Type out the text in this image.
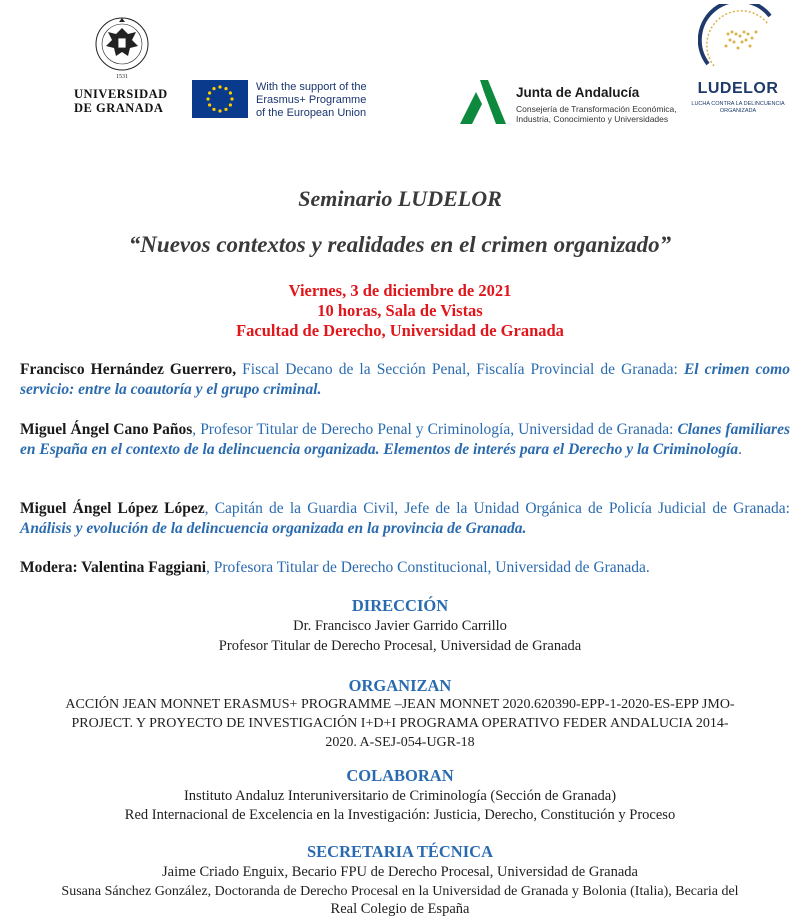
1531
UNIVERSIDAD
DE GRANADA
With the support of the
Erasmus+ Programme
of the European Union
Junta de Andalucía
Consejería de Transformación Económica,
Industria, Conocimiento y Universidades
LUDELOR
LUCHA CONTRA LA DELINCUENCIA
ORGANIZADA
Seminario LUDELOR
“Nuevos contextos y realidades en el crimen organizado”
Viernes, 3 de diciembre de 2021
10 horas, Sala de Vistas
Facultad de Derecho, Universidad de Granada
Francisco Hernández Guerrero, Fiscal Decano de la Sección Penal, Fiscalía Provincial de Granada: El crimen como servicio: entre la coautoría y el grupo criminal.
Miguel Ángel Cano Paños, Profesor Titular de Derecho Penal y Criminología, Universidad de Granada: Clanes familiares en España en el contexto de la delincuencia organizada. Elementos de interés para el Derecho y la Criminología.
Miguel Ángel López López, Capitán de la Guardia Civil, Jefe de la Unidad Orgánica de Policía Judicial de Granada: Análisis y evolución de la delincuencia organizada en la provincia de Granada.
Modera: Valentina Faggiani, Profesora Titular de Derecho Constitucional, Universidad de Granada.
DIRECCIÓN
Dr. Francisco Javier Garrido Carrillo
Profesor Titular de Derecho Procesal, Universidad de Granada
ORGANIZAN
ACCIÓN JEAN MONNET ERASMUS+ PROGRAMME –JEAN MONNET 2020.620390-EPP-1-2020-ES-EPP JMO-
PROJECT. Y PROYECTO DE INVESTIGACIÓN I+D+I PROGRAMA OPERATIVO FEDER ANDALUCIA 2014-
2020. A-SEJ-054-UGR-18
COLABORAN
Instituto Andaluz Interuniversitario de Criminología (Sección de Granada)
Red Internacional de Excelencia en la Investigación: Justicia, Derecho, Constitución y Proceso
SECRETARIA TÉCNICA
Jaime Criado Enguix, Becario FPU de Derecho Procesal, Universidad de Granada
Susana Sánchez González, Doctoranda de Derecho Procesal en la Universidad de Granada y Bolonia (Italia), Becaria del
Real Colegio de España
